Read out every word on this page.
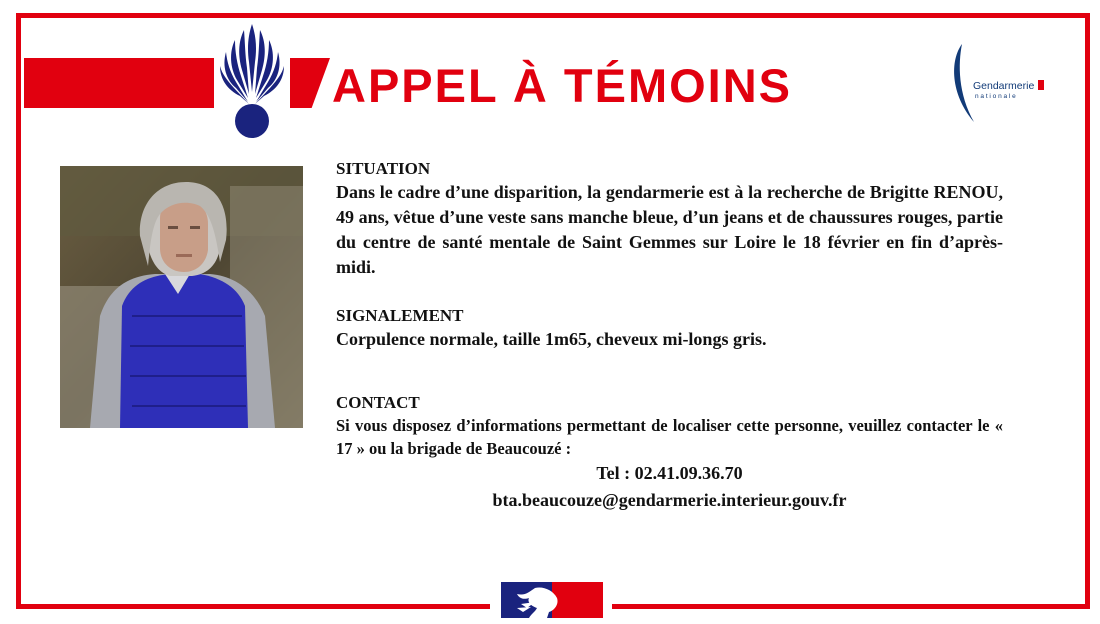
APPEL À TÉMOINS	Gendarmerie
nationale

SITUATION

Dans le cadre d’une disparition, la gendarmerie est à la recherche de Brigitte RENOU, 49 ans, vêtue d’une veste sans manche bleue, d’un jeans et de chaussures rouges, partie du centre de santé mentale de Saint Gemmes sur Loire le 18 février en fin d’après-midi.

SIGNALEMENT

Corpulence normale, taille 1m65, cheveux mi-longs gris.

CONTACT

Si vous disposez d’informations permettant de localiser cette personne, veuillez contacter le « 17 » ou la brigade de Beaucouzé :

Tel : 02.41.09.36.70

bta.beaucouze@gendarmerie.interieur.gouv.fr
